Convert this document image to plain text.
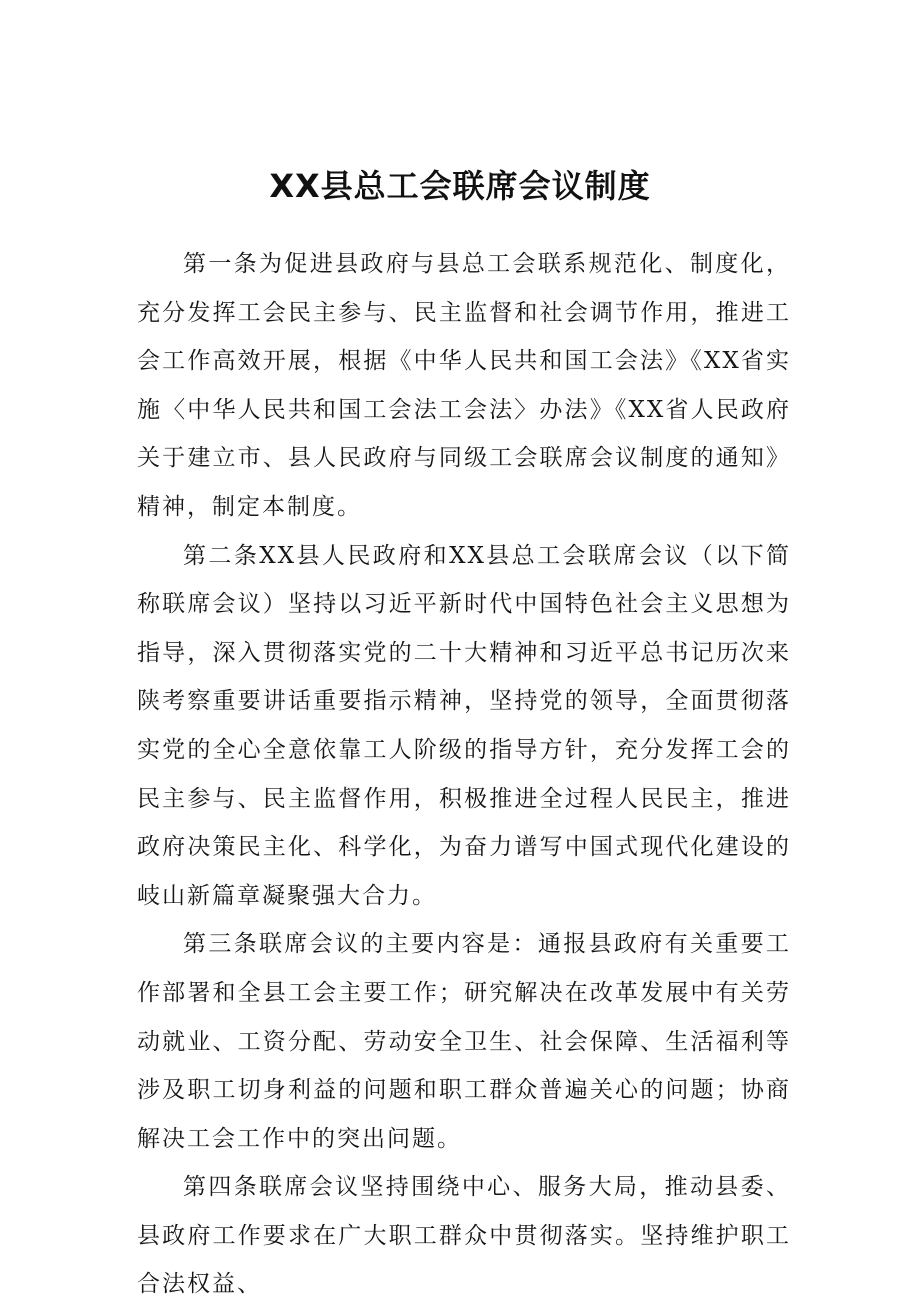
XX县总工会联席会议制度

第一条为促进县政府与县总工会联系规范化、制度化，充分发挥工会民主参与、民主监督和社会调节作用，推进工会工作高效开展，根据《中华人民共和国工会法》《XX省实施〈中华人民共和国工会法工会法〉办法》《XX省人民政府关于建立市、县人民政府与同级工会联席会议制度的通知》精神，制定本制度。

第二条XX县人民政府和XX县总工会联席会议（以下简称联席会议）坚持以习近平新时代中国特色社会主义思想为指导，深入贯彻落实党的二十大精神和习近平总书记历次来陕考察重要讲话重要指示精神，坚持党的领导，全面贯彻落实党的全心全意依靠工人阶级的指导方针，充分发挥工会的民主参与、民主监督作用，积极推进全过程人民民主，推进政府决策民主化、科学化，为奋力谱写中国式现代化建设的岐山新篇章凝聚强大合力。

第三条联席会议的主要内容是：通报县政府有关重要工作部署和全县工会主要工作；研究解决在改革发展中有关劳动就业、工资分配、劳动安全卫生、社会保障、生活福利等涉及职工切身利益的问题和职工群众普遍关心的问题；协商解决工会工作中的突出问题。

第四条联席会议坚持围绕中心、服务大局，推动县委、县政府工作要求在广大职工群众中贯彻落实。坚持维护职工合法权益、
